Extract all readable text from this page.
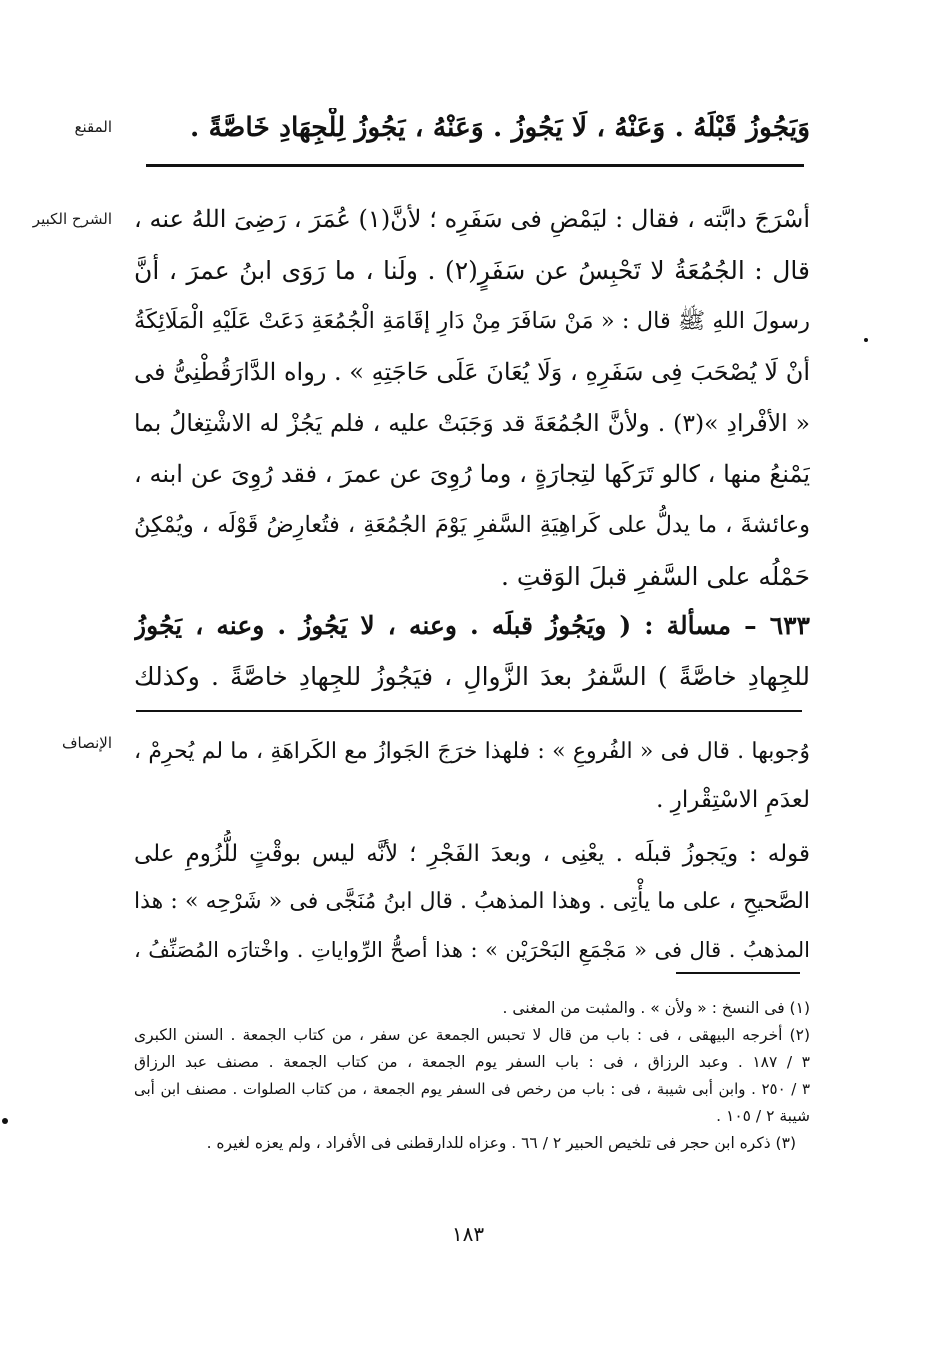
المقنع
الشرح الكبير
الإنصاف
وَيَجُوزُ قَبْلَهُ . وَعَنْهُ ، لَا يَجُوزُ . وَعَنْهُ ، يَجُوزُ لِلْجِهَادِ خَاصَّةً .
أسْرَجَ دابَّته ، فقال : ليَمْضِ فى سَفَرِه ؛ لأنَّ(١) عُمَرَ ، رَضِىَ اللهُ عنه ،
قال : الجُمُعَةُ لا تَحْبِسُ عن سَفَرٍ(٢) . ولَنا ، ما رَوَى ابنُ عمرَ ، أنَّ
رسولَ اللهِ ﷺ قال : « مَنْ سَافَرَ مِنْ دَارِ إقَامَةِ الْجُمُعَةِ دَعَتْ عَلَيْهِ الْمَلَائِكَةُ
أنْ لَا يُصْحَبَ فِى سَفَرِهِ ، وَلَا يُعَانَ عَلَى حَاجَتِهِ » . رواه الدَّارَقُطْنِىُّ فى
« الأفْرادِ »(٣) . ولأنَّ الجُمُعَةَ قد وَجَبَتْ عليه ، فلم يَجُزْ له الاشْتِغالُ بما
يَمْنعُ منها ، كالو تَرَكَها لتِجارَةٍ ، وما رُوِىَ عن عمرَ ، فقد رُوِىَ عن ابنه ،
وعائشةَ ، ما يدلُّ على كَراهِيَةِ السَّفرِ يَوْمَ الجُمُعَةِ ، فتُعارِضُ قَوْلَه ، ويُمْكِنُ
حَمْلُه على السَّفرِ قبلَ الوَقتِ .
٦٣٣ – مسألة : ( ويَجُوزُ قبلَه . وعنه ، لا يَجُوزُ . وعنه ، يَجُوزُ
للجِهادِ خاصَّةً ) السَّفرُ بعدَ الزَّوالِ ، فيَجُوزُ للجِهادِ خاصَّةً . وكذلك
وُجوبها . قال فى « الفُروعِ » : فلهذا خرَجَ الجَوازُ مع الكَراهَةِ ، ما لم يُحرِمْ ،
لعدَمِ الاسْتِقْرارِ .
قوله : ويَجوزُ قبلَه . يعْنِى ، وبعدَ الفَجْرِ ؛ لأنَّه ليس بوقْتٍ للُّزُومِ على
الصَّحيحِ ، على ما يأْتِى . وهذا المذهبُ . قال ابنُ مُنَجَّى فى « شَرْحِه » : هذا
المذهبُ . قال فى « مَجْمَعِ البَحْرَيْن » : هذا أصحُّ الرِّواياتِ . واخْتارَه المُصَنِّفُ ،
(١) فى النسخ : « ولأن » . والمثبت من المغنى .
(٢) أخرجه البيهقى ، فى : باب من قال لا تحبس الجمعة عن سفر ، من كتاب الجمعة . السنن الكبرى
٣ / ١٨٧ . وعبد الرزاق ، فى : باب السفر يوم الجمعة ، من كتاب الجمعة . مصنف عبد الرزاق
٣ / ٢٥٠ . وابن أبى شيبة ، فى : باب من رخص فى السفر يوم الجمعة ، من كتاب الصلوات . مصنف ابن أبى
شيبة ٢ / ١٠٥ .
(٣) ذكره ابن حجر فى تلخيص الحبير ٢ / ٦٦ . وعزاه للدارقطنى فى الأفراد ، ولم يعزه لغيره .
١٨٣
